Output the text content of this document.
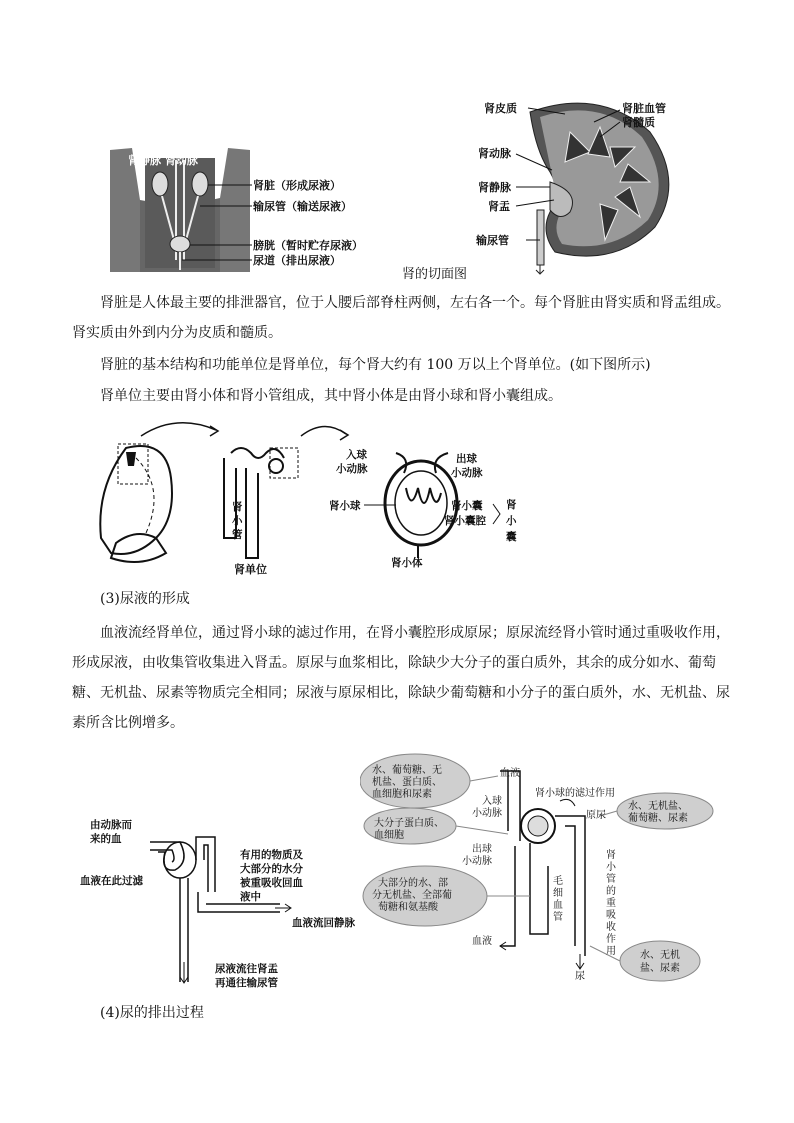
肾静脉 肾动脉
肾脏（形成尿液）
输尿管（输送尿液）
膀胱（暂时贮存尿液）
尿道（排出尿液）
肾皮质	肾脏血管
肾髓质
肾动脉
肾静脉
肾盂
输尿管
肾的切面图
肾脏是人体最主要的排泄器官，位于人腰后部脊柱两侧，左右各一个。每个肾脏由肾实质和肾盂组成。肾实质由外到内分为皮质和髓质。
肾脏的基本结构和功能单位是肾单位，每个肾大约有 100 万以上个肾单位。(如下图所示)
肾单位主要由肾小体和肾小管组成，其中肾小体是由肾小球和肾小囊组成。
入球
小动脉
出球
小动脉
肾小球	肾小囊
肾小囊腔
肾
小
囊
肾
小
管
肾单位	肾小体
(3)尿液的形成
血液流经肾单位，通过肾小球的滤过作用，在肾小囊腔形成原尿；原尿流经肾小管时通过重吸收作用，形成尿液，由收集管收集进入肾盂。原尿与血浆相比，除缺少大分子的蛋白质外，其余的成分如水、葡萄糖、无机盐、尿素等物质完全相同；尿液与原尿相比，除缺少葡萄糖和小分子的蛋白质外，水、无机盐、尿素所含比例增多。
由动脉而
来的血
血液在此过滤
有用的物质及
大部分的水分
被重吸收回血
液中
血液流回静脉
尿液流往肾盂
再通往输尿管
水、葡萄糖、无
机盐、蛋白质、
血细胞和尿素
血液
肾小球的滤过作用
入球
小动脉	原尿
水、无机盐、
葡萄糖、尿素
大分子蛋白质、
血细胞
出球
小动脉
肾
小
管
的
重
吸
收
作
用
毛
细
血
管
大部分的水、部
分无机盐、全部葡
萄糖和氨基酸
血液
尿
水、无机
盐、尿素
(4)尿的排出过程
